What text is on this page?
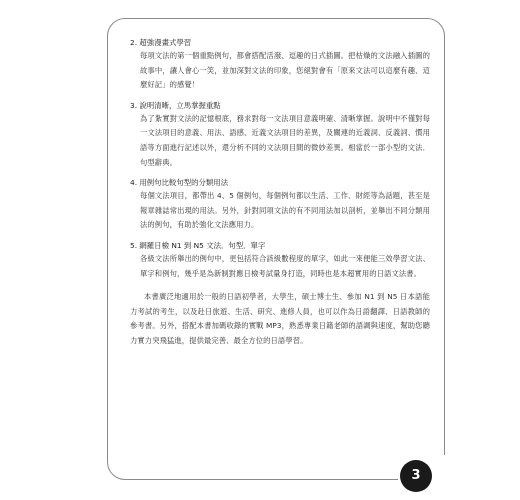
2. 超強漫畫式學習

每項文法的第一個重點例句，都會搭配活潑、逗趣的日式插圖。把枯燥的文法融入插圖的故事中，讓人會心一笑，並加深對文法的印象，您絕對會有「原來文法可以這麼有趣、這麼好記」的感覺！

3. 說明清晰，立馬掌握重點

為了紮實對文法的記憶根底，務求對每一文法項目意義明確、清晰掌握。說明中不僅對每一文法項目的意義、用法、語感、近義文法項目的差異，及關連的近義詞、反義詞、慣用語等方面進行記述以外，還分析不同的文法項目間的微妙差異。相當於一部小型的文法．句型辭典。

4. 用例句比較句型的分類用法

每個文法項目，都帶出 4、5 個例句，每個例句都以生活、工作、財經等為話題，甚至是報章雜誌常出現的用法。另外，針對同項文法的有不同用法加以剖析，並舉出不同分類用法的例句，有助於強化文法應用力。

5. 網羅日檢 N1 到 N5 文法．句型．單字

各級文法所舉出的例句中，更包括符合該級數程度的單字，如此一來便能三效學習文法、單字和例句，幾乎是為新制對應日檢考試量身打造，同時也是本超實用的日語文法書。

本書廣泛地適用於一般的日語初學者，大學生，碩士博士生、參加 N1 到 N5 日本語能力考試的考生，以及赴日旅遊、生活、研究、進修人員，也可以作為日語翻譯、日語教師的參考書。另外，搭配本書加碼收錄的實戰 MP3，熟悉專業日籍老師的語調與速度，幫助您聽力實力突飛猛進，提供最完善、最全方位的日語學習。

3
